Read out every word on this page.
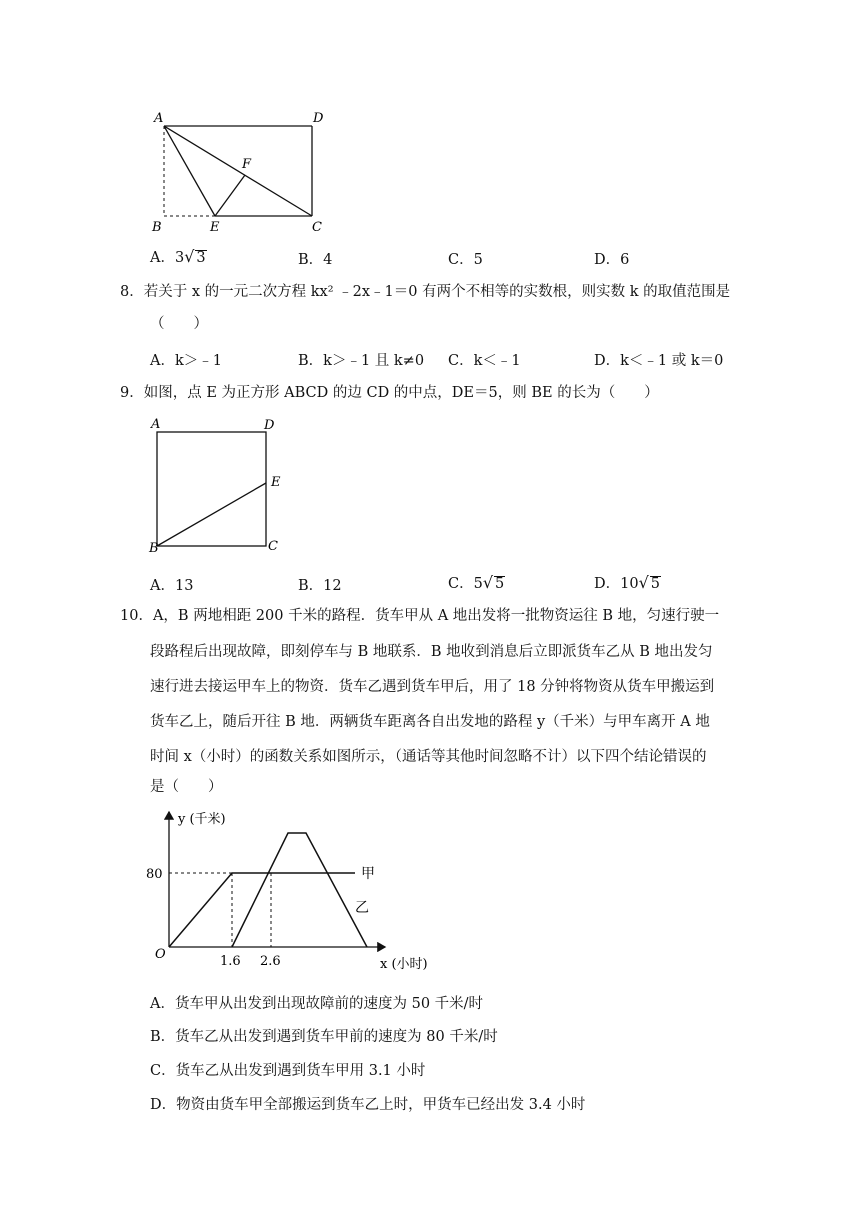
A	D
F
B	E	C
A．3√ 3	B．4	C．5	D．6
8．若关于 x 的一元二次方程 kx² ﹣2x﹣1＝0 有两个不相等的实数根，则实数 k 的取值范围是
（　　）
A．k＞﹣1	B．k＞﹣1 且 k≠0 C．k＜﹣1	D．k＜﹣1 或 k＝0
9．如图，点 E 为正方形 ABCD 的边 CD 的中点，DE＝5，则 BE 的长为（　　）
A	D
E
B	C
A．13	B．12	C．5√ 5	D．10√ 5
10．A，B 两地相距 200 千米的路程．货车甲从 A 地出发将一批物资运往 B 地，匀速行驶一
段路程后出现故障，即刻停车与 B 地联系．B 地收到消息后立即派货车乙从 B 地出发匀
速行进去接运甲车上的物资．货车乙遇到货车甲后，用了 18 分钟将物资从货车甲搬运到
货车乙上，随后开往 B 地．两辆货车距离各自出发地的路程 y（千米）与甲车离开 A 地
时间 x（小时）的函数关系如图所示，（通话等其他时间忽略不计）以下四个结论错误的
是（　　）
y (千米)
x (小时)
O
80
1.6 2.6
甲
乙
A．货车甲从出发到出现故障前的速度为 50 千米/时
B．货车乙从出发到遇到货车甲前的速度为 80 千米/时
C．货车乙从出发到遇到货车甲用 3.1 小时
D．物资由货车甲全部搬运到货车乙上时，甲货车已经出发 3.4 小时
